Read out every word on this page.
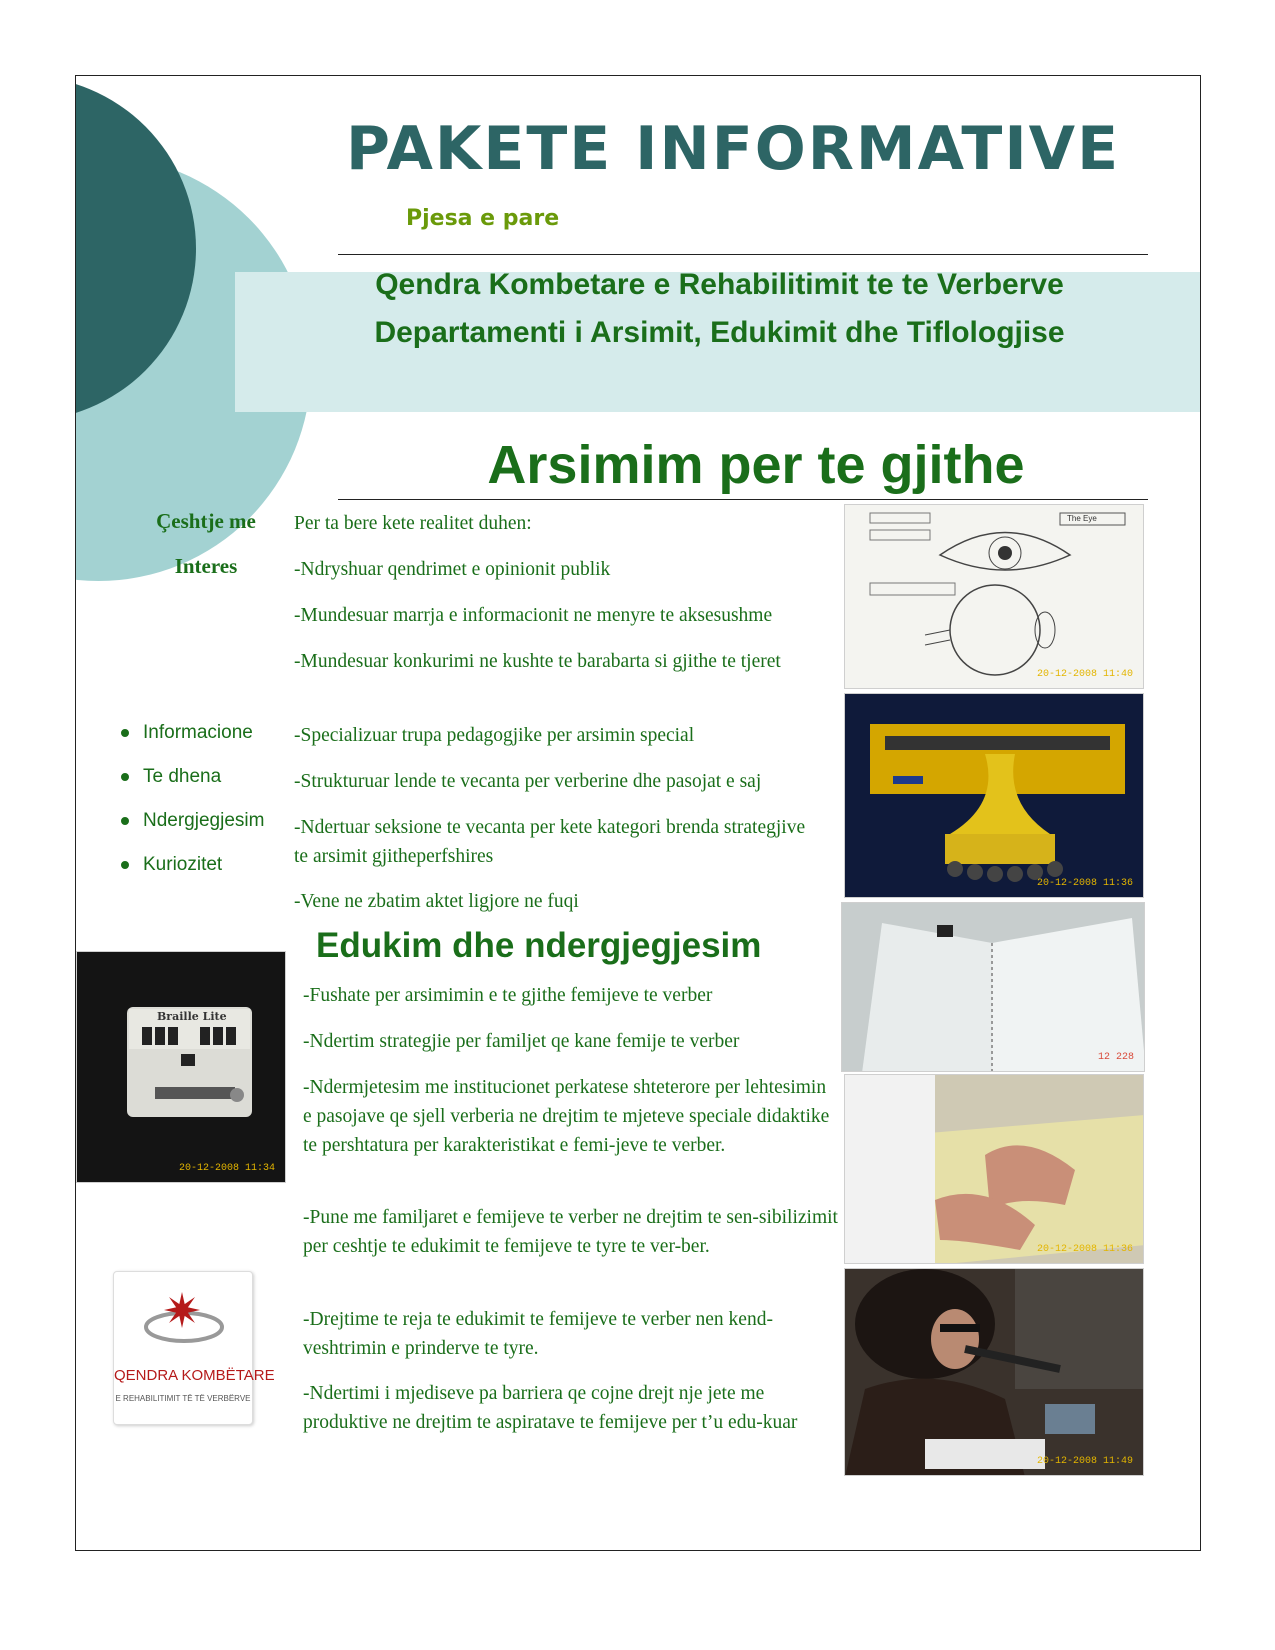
PAKETE INFORMATIVE
Pjesa e pare
Qendra Kombetare e Rehabilitimit te te Verberve
Departamenti i Arsimit, Edukimit dhe Tiflologjise
Arsimim per te gjithe
Çeshtje me
Interes
Informacione
Te dhena
Ndergjegjesim
Kuriozitet
Per ta bere kete realitet duhen:
-Ndryshuar qendrimet e opinionit publik
-Mundesuar marrja e informacionit ne menyre te aksesushme
-Mundesuar konkurimi ne kushte te barabarta si gjithe te tjeret
-Specializuar trupa pedagogjike per arsimin special
-Strukturuar lende te vecanta per verberine dhe pasojat e saj
-Ndertuar seksione te vecanta per kete kategori brenda strategjive te arsimit gjitheperfshires
-Vene ne zbatim aktet ligjore ne fuqi
Edukim dhe ndergjegjesim
-Fushate per arsimimin e te gjithe femijeve te verber
-Ndertim strategjie per familjet qe kane femije te verber
-Ndermjetesim me institucionet perkatese shteterore per lehtesimin e pasojave qe sjell verberia ne drejtim te mjeteve speciale didaktike te pershtatura per karakteristikat e femi-jeve te verber.
-Pune me familjaret e femijeve te verber ne drejtim te sen-sibilizimit per ceshtje te edukimit te femijeve te tyre te ver-ber.
-Drejtime te reja te edukimit te femijeve te verber nen kend-veshtrimin e prinderve te tyre.
-Ndertimi i mjediseve pa barriera qe cojne drejt nje jete me produktive ne drejtim te aspiratave te femijeve per t’u edu-kuar
Braille Lite
20-12-2008 11:34
QENDRA KOMBËTARE
E REHABILITIMIT TË TË VERBËRVE
The Eye
20-12-2008 11:40
20-12-2008 11:36
12 228
20-12-2008 11:36
20-12-2008 11:49
